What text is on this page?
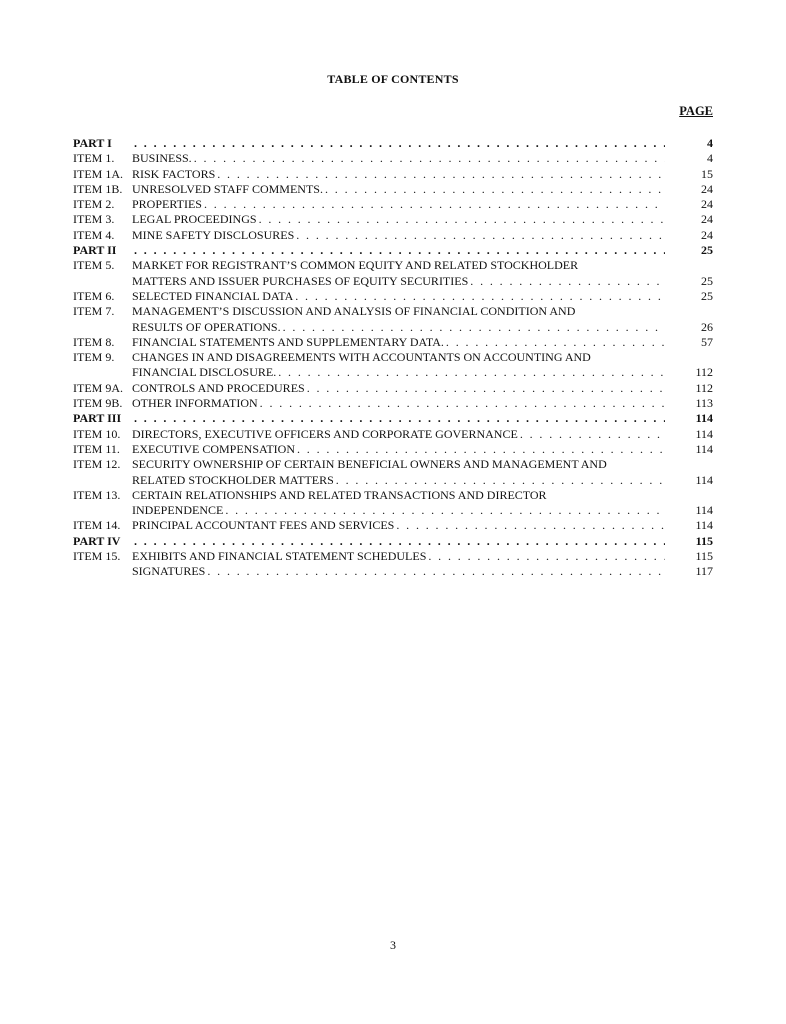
TABLE OF CONTENTS
PAGE
PART I . . .	4
ITEM 1.	BUSINESS. . . .	4
ITEM 1A. RISK FACTORS . . .	15
ITEM 1B. UNRESOLVED STAFF COMMENTS. . . .	24
ITEM 2.	PROPERTIES . . .	24
ITEM 3.	LEGAL PROCEEDINGS . . .	24
ITEM 4.	MINE SAFETY DISCLOSURES . . .	24
PART II . . .	25
ITEM 5.	MARKET FOR REGISTRANT’S COMMON EQUITY AND RELATED STOCKHOLDER
MATTERS AND ISSUER PURCHASES OF EQUITY SECURITIES . . .	25
ITEM 6.	SELECTED FINANCIAL DATA . . .	25
ITEM 7.	MANAGEMENT’S DISCUSSION AND ANALYSIS OF FINANCIAL CONDITION AND
RESULTS OF OPERATIONS. . . .	26
ITEM 8.	FINANCIAL STATEMENTS AND SUPPLEMENTARY DATA. . . .	57
ITEM 9.	CHANGES IN AND DISAGREEMENTS WITH ACCOUNTANTS ON ACCOUNTING AND
FINANCIAL DISCLOSURE. . . .	112
ITEM 9A. CONTROLS AND PROCEDURES . . .	112
ITEM 9B. OTHER INFORMATION . . .	113
PART III . . .	114
ITEM 10. DIRECTORS, EXECUTIVE OFFICERS AND CORPORATE GOVERNANCE . . .	114
ITEM 11.	EXECUTIVE COMPENSATION . . .	114
ITEM 12. SECURITY OWNERSHIP OF CERTAIN BENEFICIAL OWNERS AND MANAGEMENT AND
RELATED STOCKHOLDER MATTERS . . .	114
ITEM 13. CERTAIN RELATIONSHIPS AND RELATED TRANSACTIONS AND DIRECTOR
INDEPENDENCE . . .	114
ITEM 14. PRINCIPAL ACCOUNTANT FEES AND SERVICES . . .	114
PART IV . . .	115
ITEM 15. EXHIBITS AND FINANCIAL STATEMENT SCHEDULES . . .	115
SIGNATURES . . .	117
3
